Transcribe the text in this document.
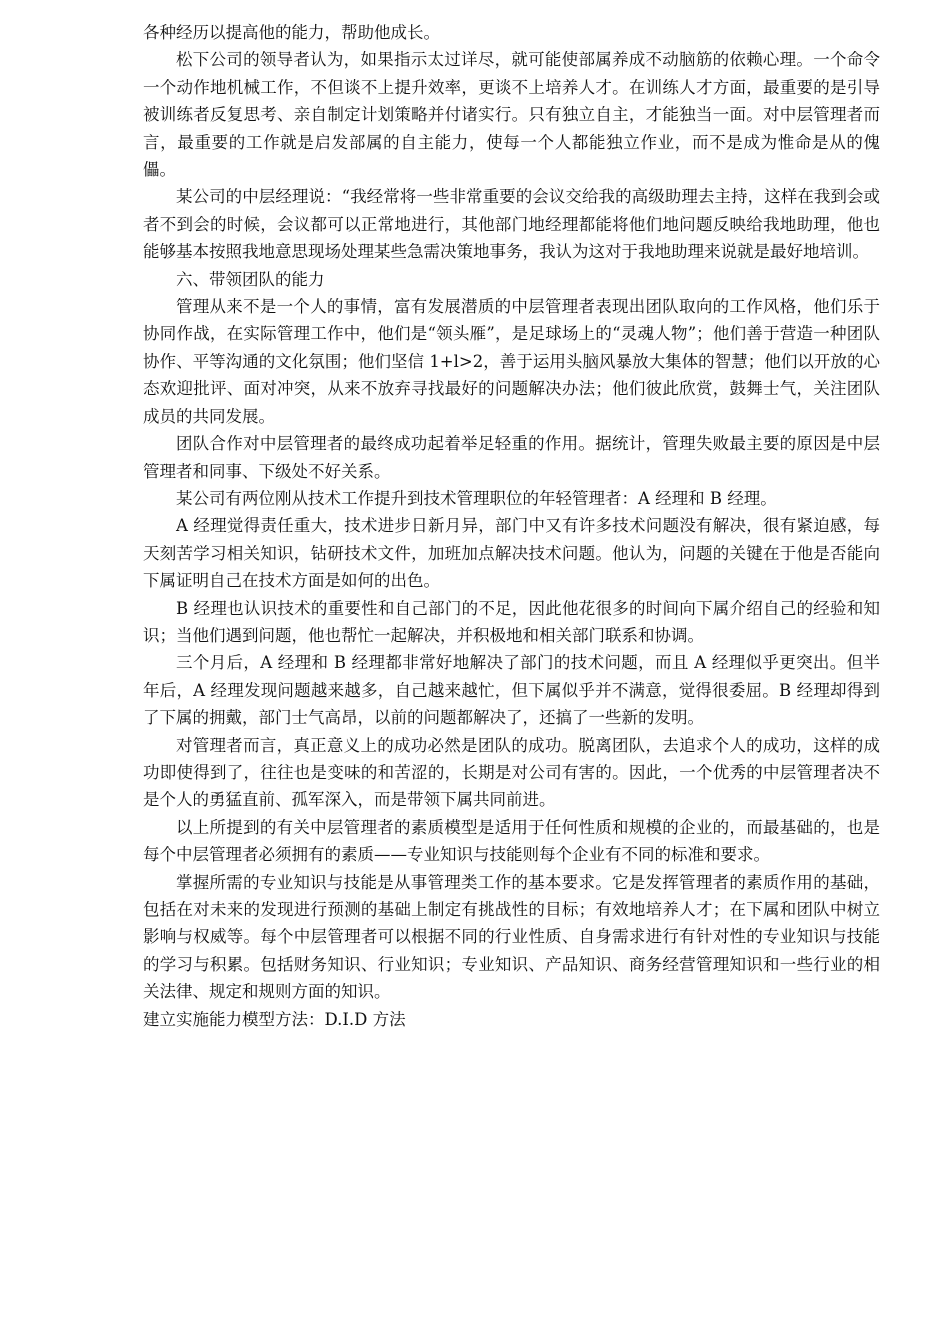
各种经历以提高他的能力，帮助他成长。

松下公司的领导者认为，如果指示太过详尽，就可能使部属养成不动脑筋的依赖心理。一个命令一个动作地机械工作，不但谈不上提升效率，更谈不上培养人才。在训练人才方面，最重要的是引导被训练者反复思考、亲自制定计划策略并付诸实行。只有独立自主，才能独当一面。对中层管理者而言，最重要的工作就是启发部属的自主能力，使每一个人都能独立作业，而不是成为惟命是从的傀儡。

某公司的中层经理说：“我经常将一些非常重要的会议交给我的高级助理去主持，这样在我到会或者不到会的时候，会议都可以正常地进行，其他部门地经理都能将他们地问题反映给我地助理，他也能够基本按照我地意思现场处理某些急需决策地事务，我认为这对于我地助理来说就是最好地培训。

六、带领团队的能力

管理从来不是一个人的事情，富有发展潜质的中层管理者表现出团队取向的工作风格，他们乐于协同作战，在实际管理工作中，他们是“领头雁”，是足球场上的“灵魂人物”；他们善于营造一种团队协作、平等沟通的文化氛围；他们坚信 1+l>2，善于运用头脑风暴放大集体的智慧；他们以开放的心态欢迎批评、面对冲突，从来不放弃寻找最好的问题解决办法；他们彼此欣赏，鼓舞士气，关注团队成员的共同发展。

团队合作对中层管理者的最终成功起着举足轻重的作用。据统计，管理失败最主要的原因是中层管理者和同事、下级处不好关系。

某公司有两位刚从技术工作提升到技术管理职位的年轻管理者：A 经理和 B 经理。

A 经理觉得责任重大，技术进步日新月异，部门中又有许多技术问题没有解决，很有紧迫感，每天刻苦学习相关知识，钻研技术文件，加班加点解决技术问题。他认为，问题的关键在于他是否能向下属证明自己在技术方面是如何的出色。

B 经理也认识技术的重要性和自己部门的不足，因此他花很多的时间向下属介绍自己的经验和知识；当他们遇到问题，他也帮忙一起解决，并积极地和相关部门联系和协调。

三个月后，A 经理和 B 经理都非常好地解决了部门的技术问题，而且 A 经理似乎更突出。但半年后，A 经理发现问题越来越多，自己越来越忙，但下属似乎并不满意，觉得很委屈。B 经理却得到了下属的拥戴，部门士气高昂，以前的问题都解决了，还搞了一些新的发明。

对管理者而言，真正意义上的成功必然是团队的成功。脱离团队，去追求个人的成功，这样的成功即使得到了，往往也是变味的和苦涩的，长期是对公司有害的。因此，一个优秀的中层管理者决不是个人的勇猛直前、孤军深入，而是带领下属共同前进。

以上所提到的有关中层管理者的素质模型是适用于任何性质和规模的企业的，而最基础的，也是每个中层管理者必须拥有的素质——专业知识与技能则每个企业有不同的标准和要求。

掌握所需的专业知识与技能是从事管理类工作的基本要求。它是发挥管理者的素质作用的基础，包括在对未来的发现进行预测的基础上制定有挑战性的目标；有效地培养人才；在下属和团队中树立影响与权威等。每个中层管理者可以根据不同的行业性质、自身需求进行有针对性的专业知识与技能的学习与积累。包括财务知识、行业知识；专业知识、产品知识、商务经营管理知识和一些行业的相关法律、规定和规则方面的知识。

建立实施能力模型方法：D.I.D 方法
